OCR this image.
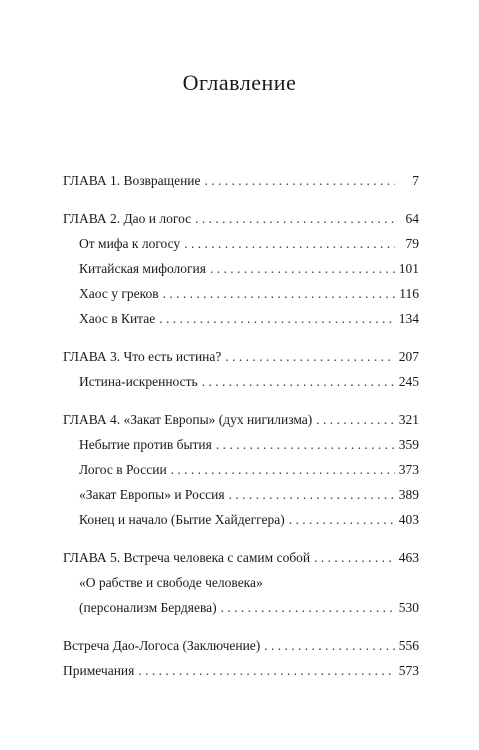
Оглавление
ГЛАВА 1. Возвращение . . .	7
ГЛАВА 2. Дао и логос . . .	64
От мифа к логосу . . .	79
Китайская мифология . . .	101
Хаос у греков . . .	116
Хаос в Китае . . .	134
ГЛАВА 3. Что есть истина? . . .	207
Истина-искренность . . .	245
ГЛАВА 4. «Закат Европы» (дух нигилизма) . . .	321
Небытие против бытия . . .	359
Логос в России . . .	373
«Закат Европы» и Россия . . .	389
Конец и начало (Бытие Хайдеггера) . . .	403
ГЛАВА 5. Встреча человека с самим собой . . .	463
«О рабстве и свободе человека»
(персонализм Бердяева) . . .	530
Встреча Дао-Логоса (Заключение) . . .	556
Примечания . . .	573
